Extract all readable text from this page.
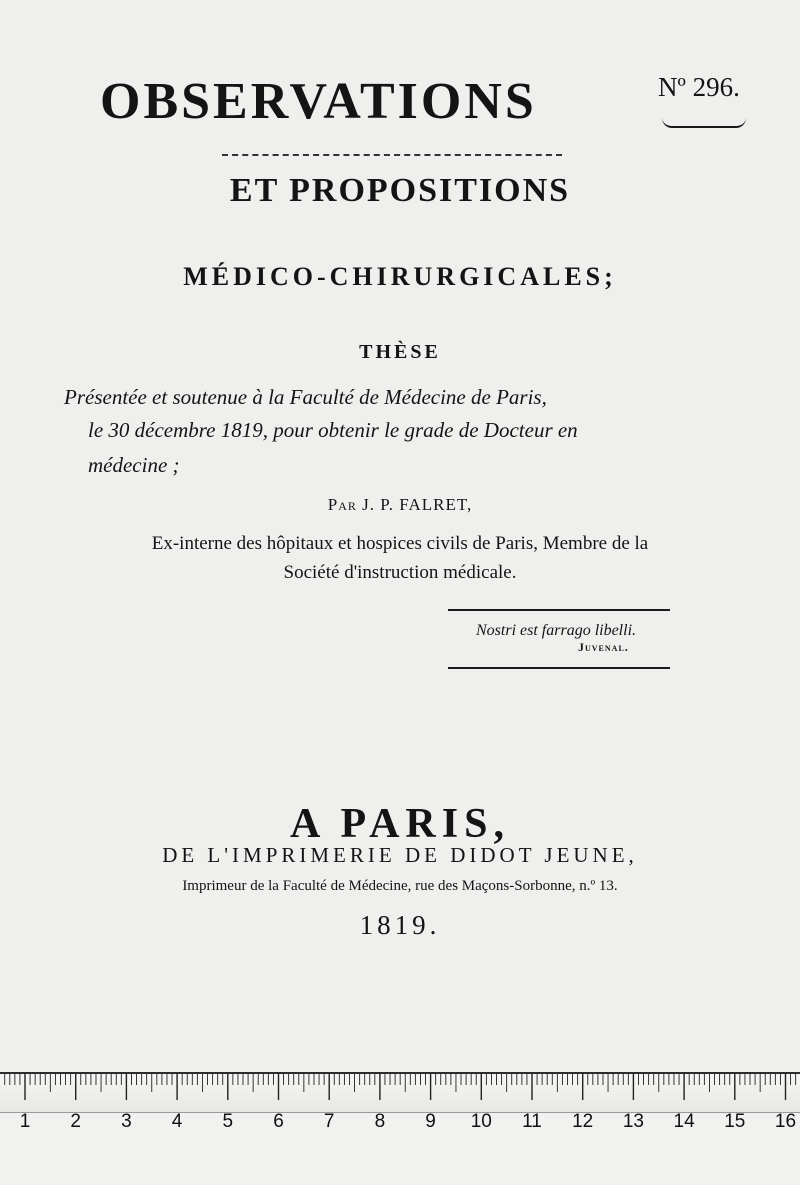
OBSERVATIONS	Nº 296.
ET PROPOSITIONS
MÉDICO-CHIRURGICALES;
THÈSE
Présentée et soutenue à la Faculté de Médecine de Paris,
le 30 décembre 1819, pour obtenir le grade de Docteur en
médecine ;
Par J. P. FALRET,
Ex-interne des hôpitaux et hospices civils de Paris, Membre de la
Société d'instruction médicale.
Nostri est farrago libelli.
Juvenal.
A PARIS,
DE L'IMPRIMERIE DE DIDOT JEUNE,
Imprimeur de la Faculté de Médecine, rue des Maçons-Sorbonne, n.º 13.
1819.
1	2	3	4	5	6	7	8	9	10 11 12 13 14 15 16
